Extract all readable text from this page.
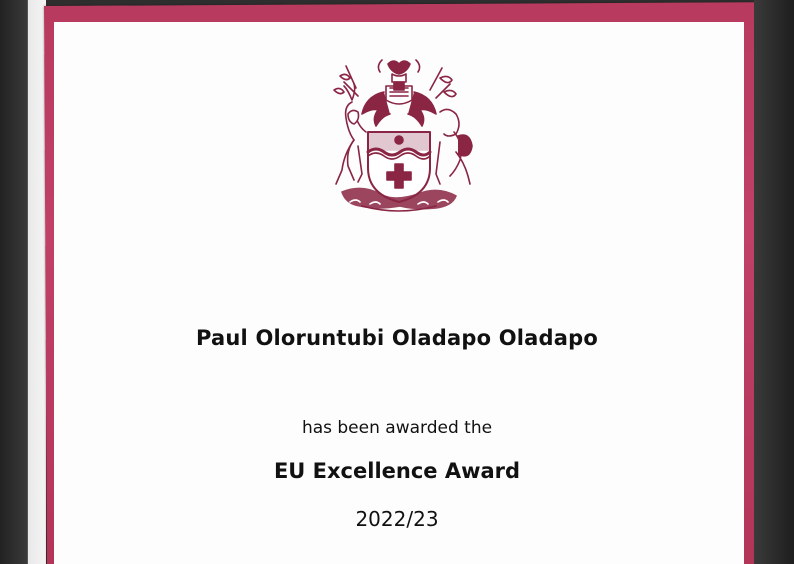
Paul Oloruntubi Oladapo Oladapo
has been awarded the
EU Excellence Award
2022/23
